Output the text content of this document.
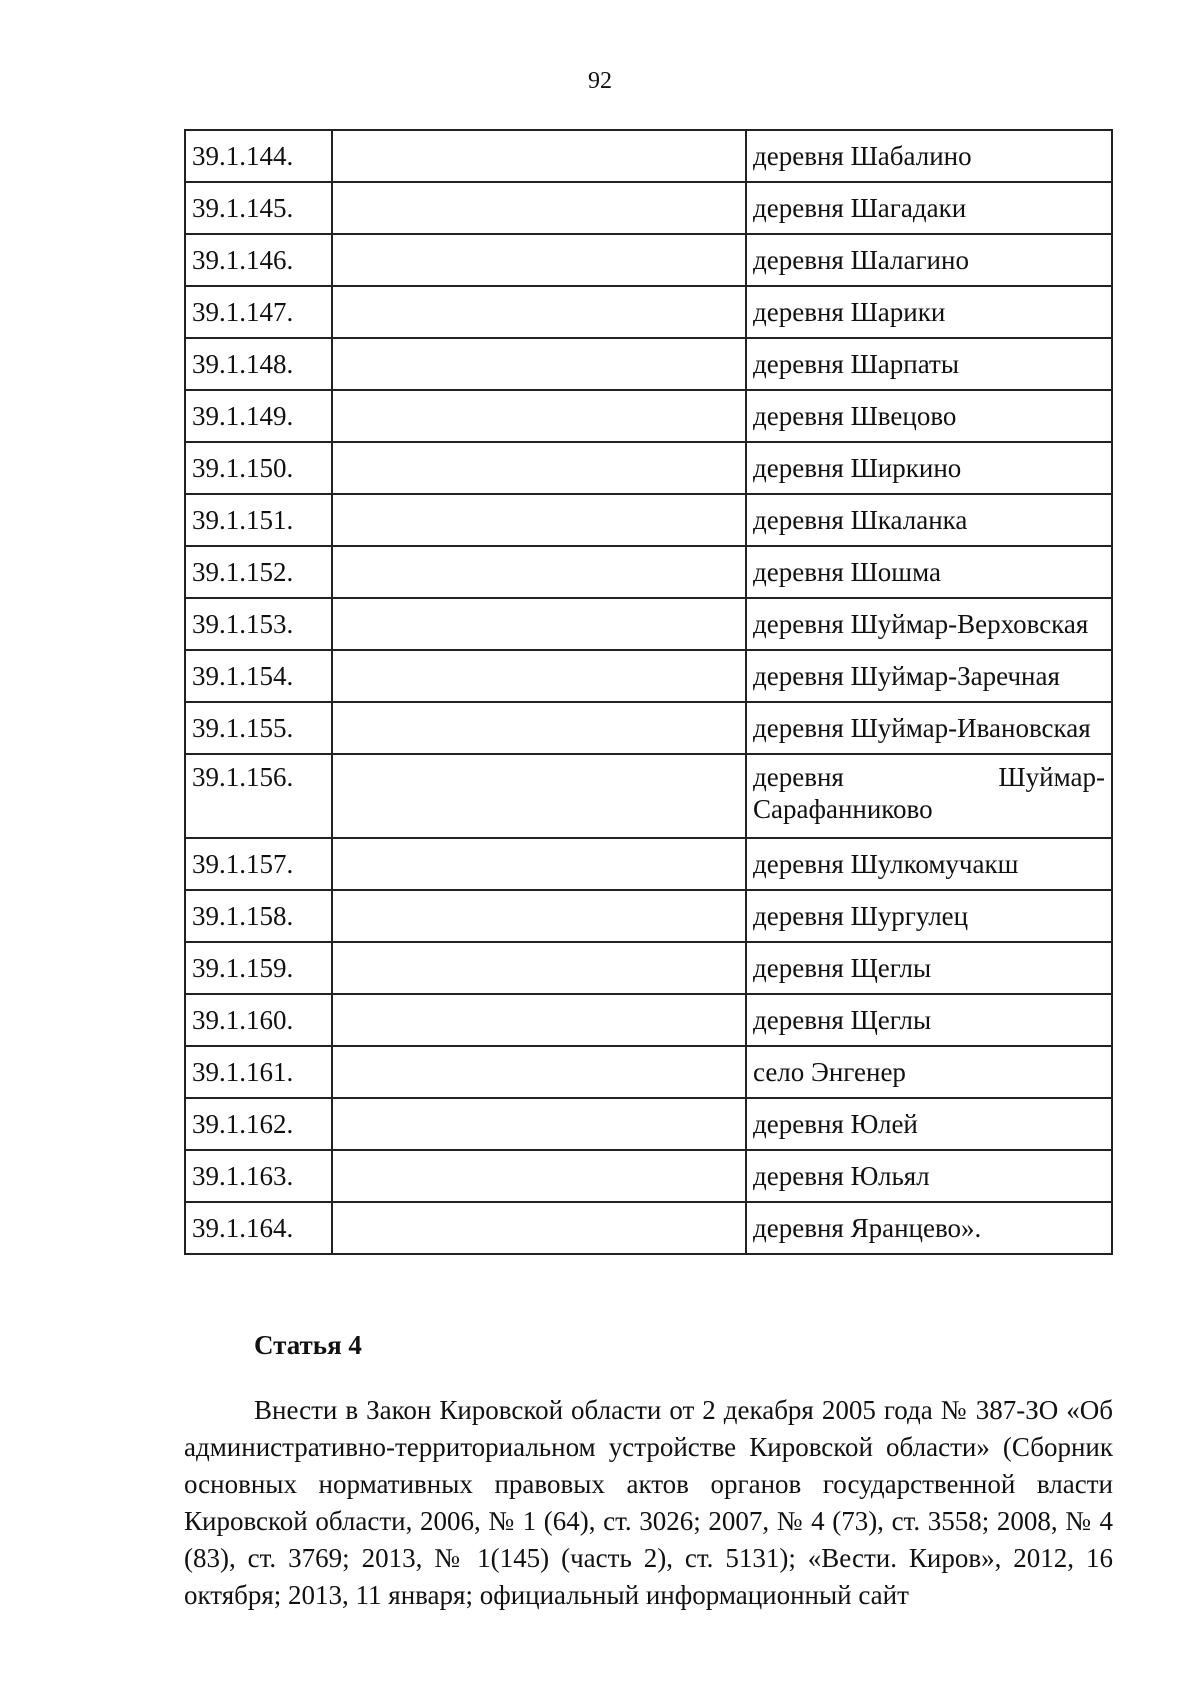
92
39.1.144.		деревня Шабалино
39.1.145.		деревня Шагадаки
39.1.146.		деревня Шалагино
39.1.147.		деревня Шарики
39.1.148.		деревня Шарпаты
39.1.149.		деревня Швецово
39.1.150.		деревня Ширкино
39.1.151.		деревня Шкаланка
39.1.152.		деревня Шошма
39.1.153.		деревня Шуймар-Верховская
39.1.154.		деревня Шуймар-Заречная
39.1.155.		деревня Шуймар-Ивановская
39.1.156.		деревня Шуймар-Сарафанниково
39.1.157.		деревня Шулкомучакш
39.1.158.		деревня Шургулец
39.1.159.		деревня Щеглы
39.1.160.		деревня Щеглы
39.1.161.		село Энгенер
39.1.162.		деревня Юлей
39.1.163.		деревня Юльял
39.1.164.		деревня Яранцево».
Статья 4
Внести в Закон Кировской области от 2 декабря 2005 года № 387-ЗО «Об административно-территориальном устройстве Кировской области» (Сборник основных нормативных правовых актов органов государственной власти Кировской области, 2006, № 1 (64), ст. 3026; 2007, № 4 (73), ст. 3558; 2008, № 4 (83), ст. 3769; 2013, № 1(145) (часть 2), ст. 5131); «Вести. Киров», 2012, 16 октября; 2013, 11 января; официальный информационный сайт
